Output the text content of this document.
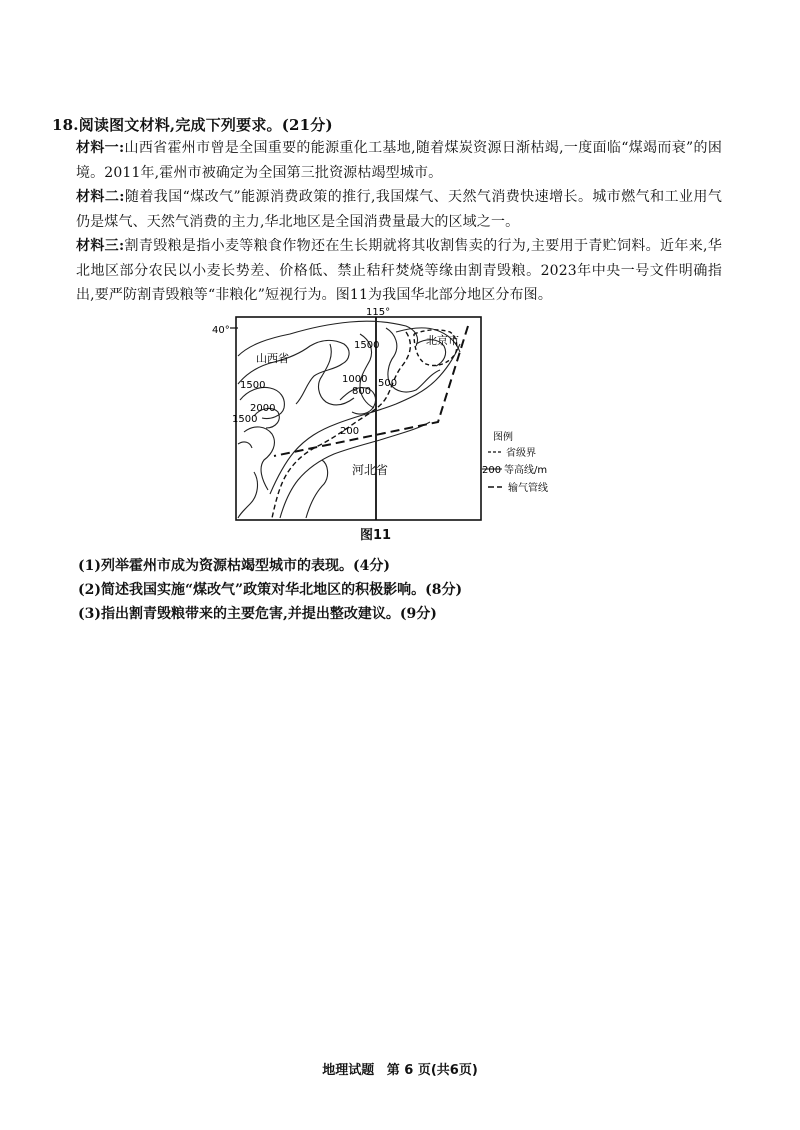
18.阅读图文材料,完成下列要求。(21分)
材料一:山西省霍州市曾是全国重要的能源重化工基地,随着煤炭资源日渐枯竭,一度面临“煤竭而衰”的困境。2011年,霍州市被确定为全国第三批资源枯竭型城市。
材料二:随着我国“煤改气”能源消费政策的推行,我国煤气、天然气消费快速增长。城市燃气和工业用气仍是煤气、天然气消费的主力,华北地区是全国消费量最大的区域之一。
材料三:割青毁粮是指小麦等粮食作物还在生长期就将其收割售卖的行为,主要用于青贮饲料。近年来,华北地区部分农民以小麦长势差、价格低、禁止秸秆焚烧等缘由割青毁粮。2023年中央一号文件明确指出,要严防割青毁粮等“非粮化”短视行为。图11为我国华北部分地区分布图。
40°
115°
山西省
北京市
河北省
1500
1500
1500
2000
1000
800
500
200
图例
省级界
200 等高线/m
输气管线
图11
(1)列举霍州市成为资源枯竭型城市的表现。(4分)
(2)简述我国实施“煤改气”政策对华北地区的积极影响。(8分)
(3)指出割青毁粮带来的主要危害,并提出整改建议。(9分)
地理试题 第 6 页(共6页)
